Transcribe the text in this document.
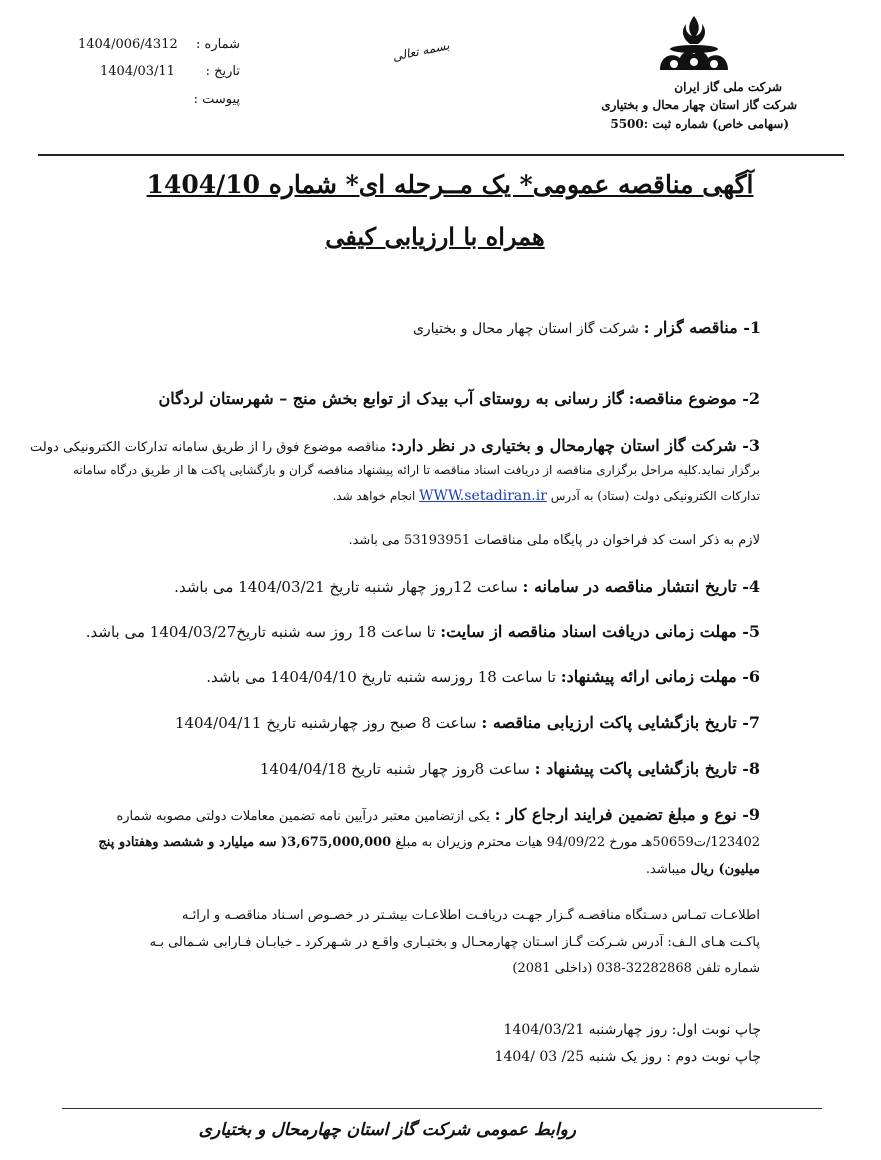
1404/006/4312 شماره :
1404/03/11 تاریخ :
پیوست :
بسمه تعالی
شرکت ملی گاز ایران
شرکت گاز استان چهار محال و بختیاری
(سهامی خاص) شماره ثبت :5500
آگهی مناقصه عمومی* یک مــرحله ای* شماره 1404/10
همراه با ارزیابی کیفی
1- مناقصه گزار : شرکت گاز استان چهار محال و بختیاری
2- موضوع مناقصه: گاز رسانی به روستای آب بیدک از توابع بخش منج – شهرستان لردگان
3- شرکت گاز استان چهارمحال و بختیاری در نظر دارد: مناقصه موضوع فوق را از طریق سامانه تدارکات الکترونیکی دولت
برگزار نماید.کلیه مراحل برگزاری مناقصه از دریافت اسناد مناقصه تا ارائه پیشنهاد مناقصه گران و بازگشایی پاکت ها از طریق درگاه سامانه
تدارکات الکترونیکی دولت (ستاد) به آدرس WWW.setadiran.ir انجام خواهد شد.
لازم به ذکر است کد فراخوان در پایگاه ملی مناقصات 53193951 می باشد.
4- تاریخ انتشار مناقصه در سامانه : ساعت 12روز چهار شنبه تاریخ 1404/03/21 می باشد.
5- مهلت زمانی دریافت اسناد مناقصه از سایت: تا ساعت 18 روز سه شنبه تاریخ1404/03/27 می باشد.
6- مهلت زمانی ارائه پیشنهاد: تا ساعت 18 روزسه شنبه تاریخ 1404/04/10 می باشد.
7- تاریخ بازگشایی پاکت ارزیابی مناقصه : ساعت 8 صبح روز چهارشنبه تاریخ 1404/04/11
8- تاریخ بازگشایی پاکت پیشنهاد : ساعت 8روز چهار شنبه تاریخ 1404/04/18
9- نوع و مبلغ تضمین فرایند ارجاع کار : یکی ازتضامین معتبر درآیین نامه تضمین معاملات دولتی مصوبه شماره
123402/ت50659هـ مورخ 94/09/22 هیات محترم وزیران به مبلغ 3,675,000,000( سه میلیارد و ششصد وهفتادو پنج
میلیون) ریال میباشد.
اطلاعـات تمـاس دسـتگاه مناقصـه گـزار جهـت دریافـت اطلاعـات بیشـتر در خصـوص اسـناد مناقصـه و ارائـه
پاکـت هـای الـف: آدرس شـرکت گـاز اسـتان چهارمحـال و بختیـاری واقـع در شـهرکرد ـ خیابـان فـارابی شـمالی بـه
شماره تلفن 32282868-038 (داخلی 2081)
چاپ نوبت اول: روز چهارشنبه 1404/03/21
چاپ نوبت دوم : روز یک شنبه 25/ 03 /1404
روابط عمومی شرکت گاز استان چهارمحال و بختیاری
